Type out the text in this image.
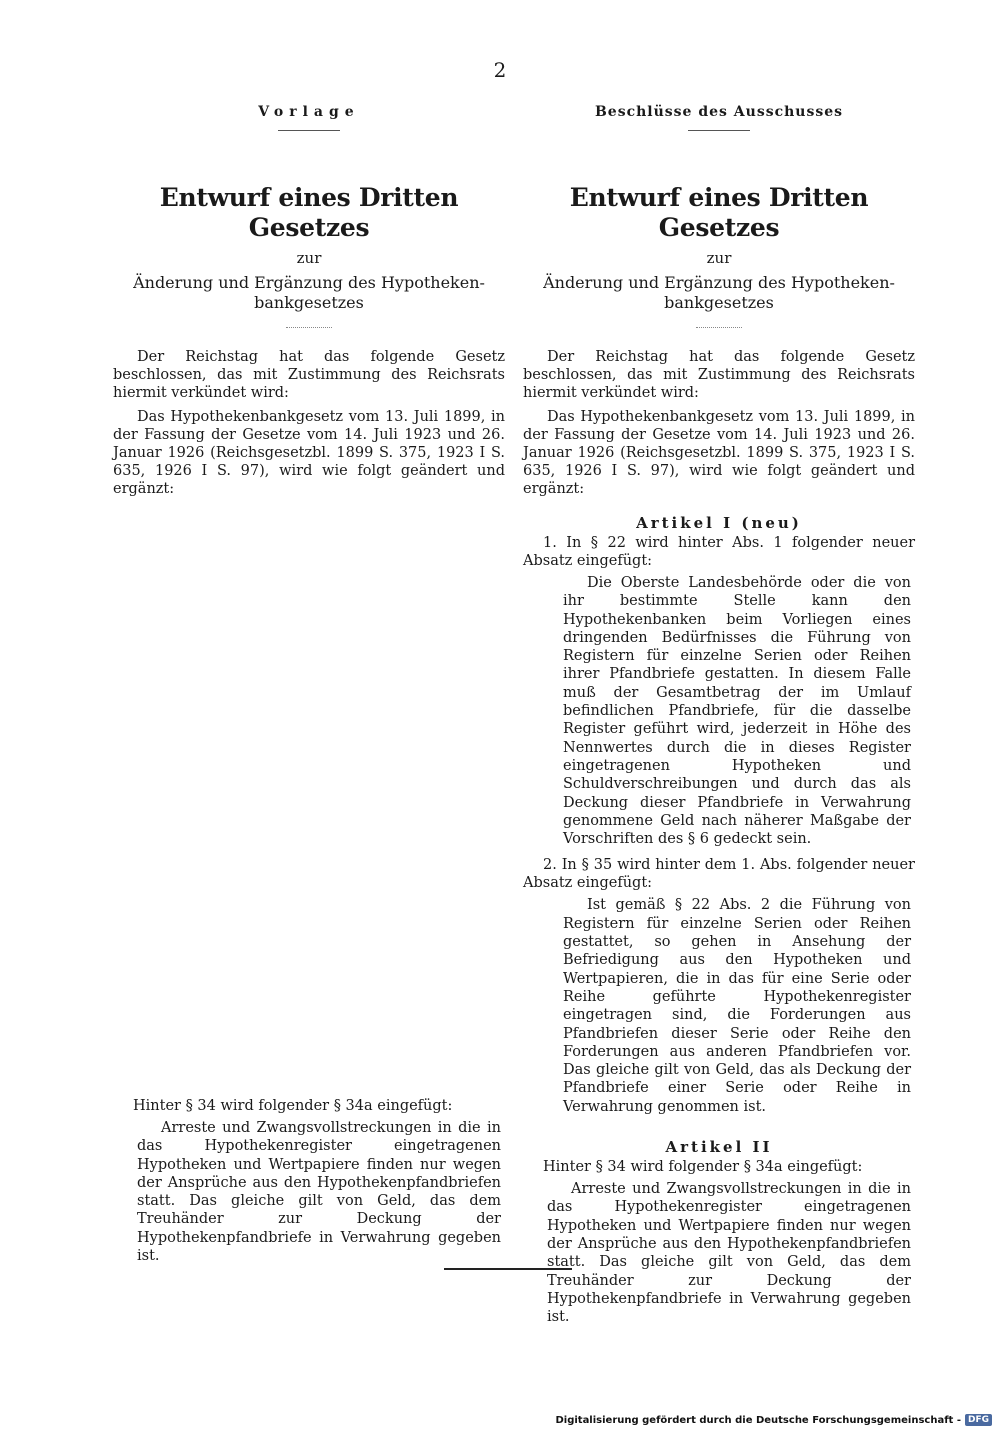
2
Vorlage
Entwurf eines Dritten Gesetzes
zur
Änderung und Ergänzung des Hypotheken-bankgesetzes

Der Reichstag hat das folgende Gesetz beschlossen, das mit Zustimmung des Reichsrats hiermit verkündet wird:

Das Hypothekenbankgesetz vom 13. Juli 1899, in der Fassung der Gesetze vom 14. Juli 1923 und 26. Januar 1926 (Reichsgesetzbl. 1899 S. 375, 1923 I S. 635, 1926 I S. 97), wird wie folgt geändert und ergänzt:

Hinter § 34 wird folgender § 34a eingefügt:

Arreste und Zwangsvollstreckungen in die in das Hypothekenregister eingetragenen Hypotheken und Wertpapiere finden nur wegen der Ansprüche aus den Hypothekenpfandbriefen statt. Das gleiche gilt von Geld, das dem Treuhänder zur Deckung der Hypothekenpfandbriefe in Verwahrung gegeben ist.

Beschlüsse des Ausschusses
Entwurf eines Dritten Gesetzes
zur
Änderung und Ergänzung des Hypotheken-bankgesetzes

Der Reichstag hat das folgende Gesetz beschlossen, das mit Zustimmung des Reichsrats hiermit verkündet wird:

Das Hypothekenbankgesetz vom 13. Juli 1899, in der Fassung der Gesetze vom 14. Juli 1923 und 26. Januar 1926 (Reichsgesetzbl. 1899 S. 375, 1923 I S. 635, 1926 I S. 97), wird wie folgt geändert und ergänzt:

Artikel I (neu)

1. In § 22 wird hinter Abs. 1 folgender neuer Absatz eingefügt:

Die Oberste Landesbehörde oder die von ihr bestimmte Stelle kann den Hypothekenbanken beim Vorliegen eines dringenden Bedürfnisses die Führung von Registern für einzelne Serien oder Reihen ihrer Pfandbriefe gestatten. In diesem Falle muß der Gesamtbetrag der im Umlauf befindlichen Pfandbriefe, für die dasselbe Register geführt wird, jederzeit in Höhe des Nennwertes durch die in dieses Register eingetragenen Hypotheken und Schuldverschreibungen und durch das als Deckung dieser Pfandbriefe in Verwahrung genommene Geld nach näherer Maßgabe der Vorschriften des § 6 gedeckt sein.

2. In § 35 wird hinter dem 1. Abs. folgender neuer Absatz eingefügt:

Ist gemäß § 22 Abs. 2 die Führung von Registern für einzelne Serien oder Reihen gestattet, so gehen in Ansehung der Befriedigung aus den Hypotheken und Wertpapieren, die in das für eine Serie oder Reihe geführte Hypothekenregister eingetragen sind, die Forderungen aus Pfandbriefen dieser Serie oder Reihe den Forderungen aus anderen Pfandbriefen vor. Das gleiche gilt von Geld, das als Deckung der Pfandbriefe einer Serie oder Reihe in Verwahrung genommen ist.

Artikel II

Hinter § 34 wird folgender § 34a eingefügt:

Arreste und Zwangsvollstreckungen in die in das Hypothekenregister eingetragenen Hypotheken und Wertpapiere finden nur wegen der Ansprüche aus den Hypothekenpfandbriefen statt. Das gleiche gilt von Geld, das dem Treuhänder zur Deckung der Hypothekenpfandbriefe in Verwahrung gegeben ist.

Digitalisierung gefördert durch die Deutsche Forschungsgemeinschaft - DFG
